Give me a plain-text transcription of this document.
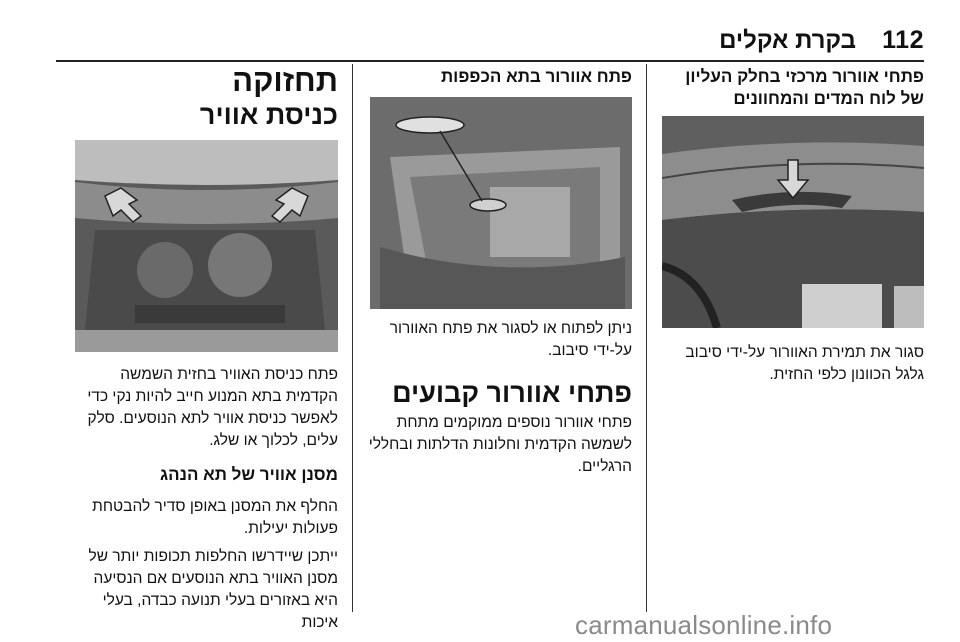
112
בקרת אקלים

פתחי אוורור מרכזי בחלק העליון של לוח המדים והמחוונים

סגור את תמירת האוורור על-ידי סיבוב גלגל הכוונון כלפי החזית.

פתח אוורור בתא הכפפות

ניתן לפתוח או לסגור את פתח האוורור על-ידי סיבוב.

פתחי אוורור קבועים

פתחי אוורור נוספים ממוקמים מתחת לשמשה הקדמית וחלונות הדלתות ובחללי הרגליים.

תחזוקה

כניסת אוויר

פתח כניסת האוויר בחזית השמשה הקדמית בתא המנוע חייב להיות נקי כדי לאפשר כניסת אוויר לתא הנוסעים. סלק עלים, לכלוך או שלג.

מסנן אוויר של תא הנהג

החלף את המסנן באופן סדיר להבטחת פעולות יעילות.

ייתכן שיידרשו החלפות תכופות יותר של מסנן האוויר בתא הנוסעים אם הנסיעה היא באזורים בעלי תנועה כבדה, בעלי איכות	carmanualsonline.info
